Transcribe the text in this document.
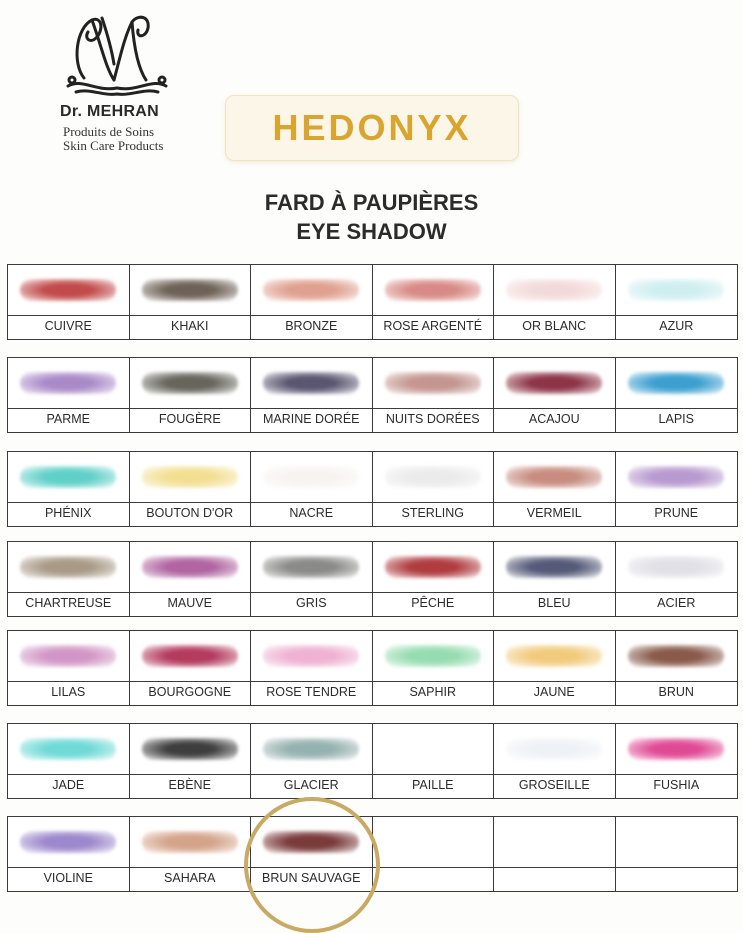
Dr. MEHRAN
Produits de Soins
Skin Care Products	HEDONYX
FARD À PAUPIÈRES
EYE SHADOW
CUIVRE	KHAKI	BRONZE	ROSE ARGENTÉ	OR BLANC	AZUR
PARME	FOUGÈRE	MARINE DORÉE	NUITS DORÉES	ACAJOU	LAPIS
PHÉNIX	BOUTON D'OR	NACRE	STERLING	VERMEIL	PRUNE
CHARTREUSE	MAUVE	GRIS	PÊCHE	BLEU	ACIER
LILAS	BOURGOGNE	ROSE TENDRE	SAPHIR	JAUNE	BRUN
JADE	EBÈNE	GLACIER	PAILLE	GROSEILLE	FUSHIA
VIOLINE	SAHARA	BRUN SAUVAGE
